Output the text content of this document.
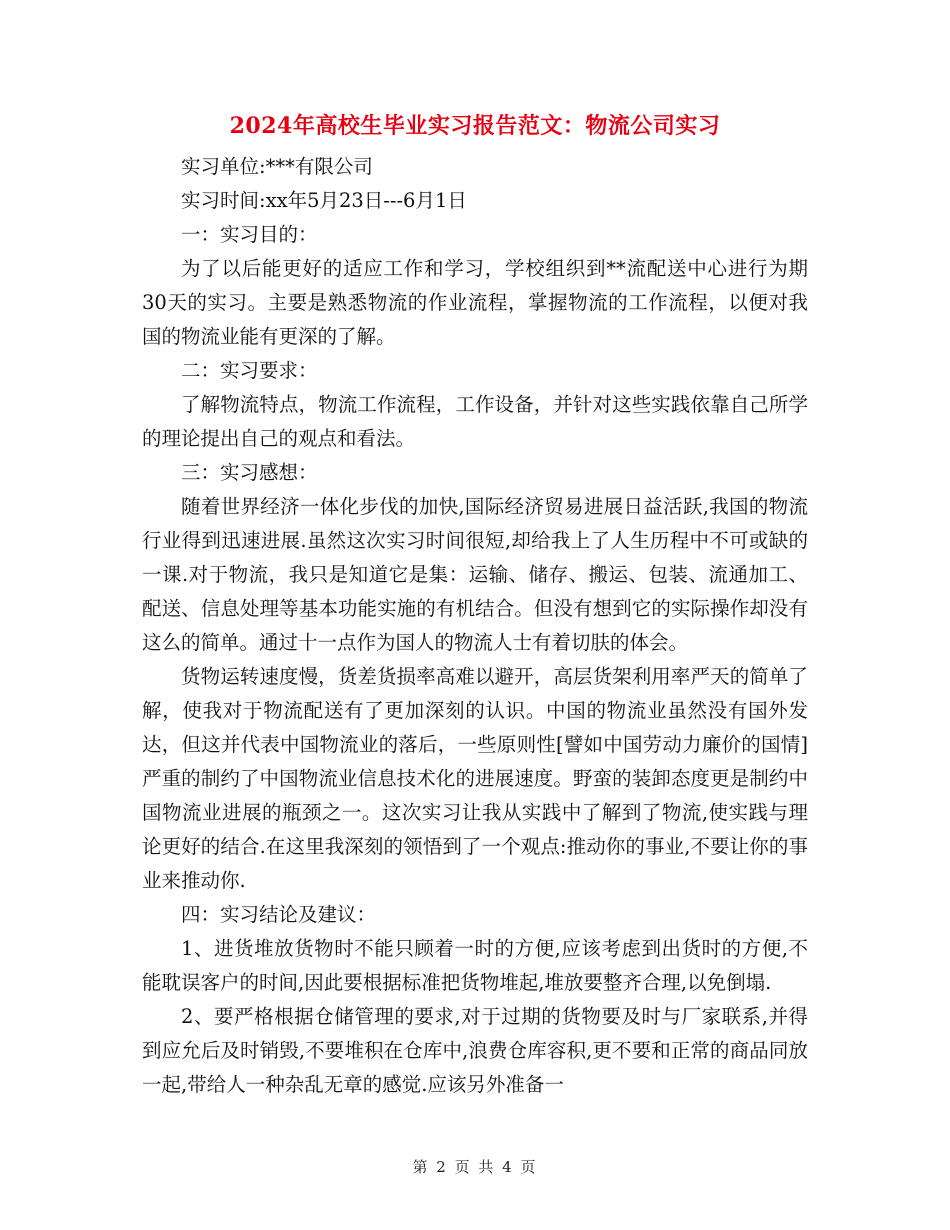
2024年高校生毕业实习报告范文：物流公司实习

实习单位:***有限公司

实习时间:xx年5月23日---6月1日

一：实习目的：

为了以后能更好的适应工作和学习，学校组织到**流配送中心进行为期30天的实习。主要是熟悉物流的作业流程，掌握物流的工作流程，以便对我国的物流业能有更深的了解。

二：实习要求：

了解物流特点，物流工作流程，工作设备，并针对这些实践依靠自己所学的理论提出自己的观点和看法。

三：实习感想：

随着世界经济一体化步伐的加快,国际经济贸易进展日益活跃,我国的物流行业得到迅速进展.虽然这次实习时间很短,却给我上了人生历程中不可或缺的一课.对于物流，我只是知道它是集：运输、储存、搬运、包装、流通加工、配送、信息处理等基本功能实施的有机结合。但没有想到它的实际操作却没有这么的简单。通过十一点作为国人的物流人士有着切肤的体会。

货物运转速度慢，货差货损率高难以避开，高层货架利用率严天的简单了解，使我对于物流配送有了更加深刻的认识。中国的物流业虽然没有国外发达，但这并代表中国物流业的落后，一些原则性[譬如中国劳动力廉价的国情]严重的制约了中国物流业信息技术化的进展速度。野蛮的装卸态度更是制约中国物流业进展的瓶颈之一。这次实习让我从实践中了解到了物流,使实践与理论更好的结合.在这里我深刻的领悟到了一个观点:推动你的事业,不要让你的事业来推动你.

四：实习结论及建议：

1、进货堆放货物时不能只顾着一时的方便,应该考虑到出货时的方便,不能耽误客户的时间,因此要根据标准把货物堆起,堆放要整齐合理,以免倒塌.

2、要严格根据仓储管理的要求,对于过期的货物要及时与厂家联系,并得到应允后及时销毁,不要堆积在仓库中,浪费仓库容积,更不要和正常的商品同放一起,带给人一种杂乱无章的感觉.应该另外准备一

第 2 页 共 4 页
